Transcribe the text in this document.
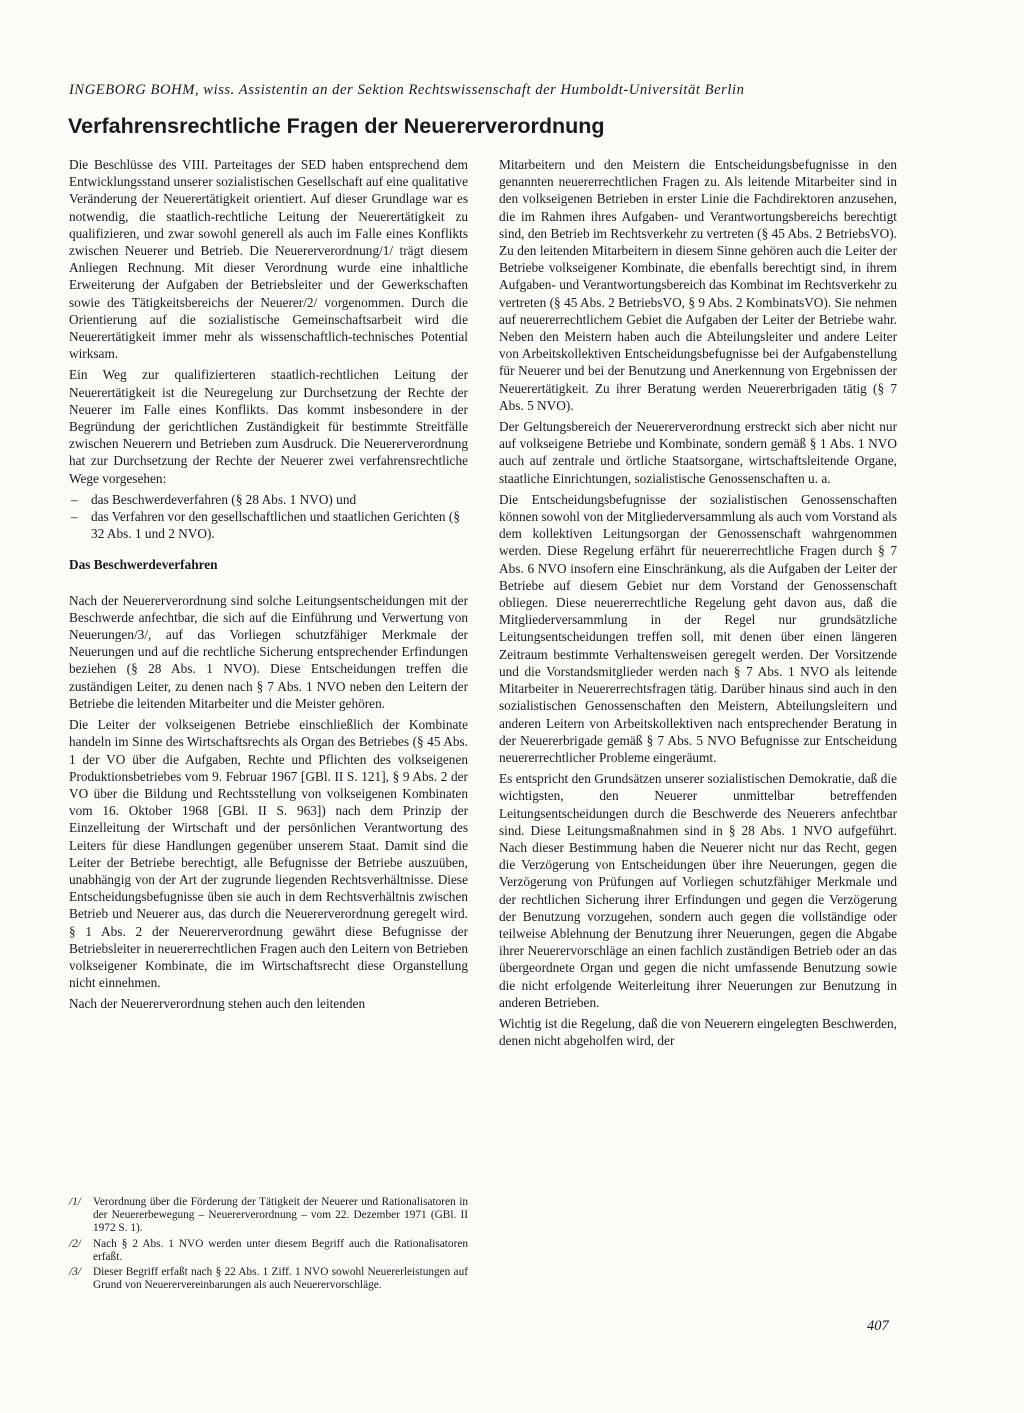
INGEBORG BOHM, wiss. Assistentin an der Sektion Rechtswissenschaft der Humboldt-Universität Berlin
Verfahrensrechtliche Fragen der Neuererverordnung

Die Beschlüsse des VIII. Parteitages der SED haben entsprechend dem Entwicklungsstand unserer sozialistischen Gesellschaft auf eine qualitative Veränderung der Neuerertätigkeit orientiert. Auf dieser Grundlage war es notwendig, die staatlich-rechtliche Leitung der Neuerertätigkeit zu qualifizieren, und zwar sowohl generell als auch im Falle eines Konflikts zwischen Neuerer und Betrieb. Die Neuererverordnung/1/ trägt diesem Anliegen Rechnung. Mit dieser Verordnung wurde eine inhaltliche Erweiterung der Aufgaben der Betriebsleiter und der Gewerkschaften sowie des Tätigkeitsbereichs der Neuerer/2/ vorgenommen. Durch die Orientierung auf die sozialistische Gemeinschaftsarbeit wird die Neuerertätigkeit immer mehr als wissenschaftlich-technisches Potential wirksam.

Ein Weg zur qualifizierteren staatlich-rechtlichen Leitung der Neuerertätigkeit ist die Neuregelung zur Durchsetzung der Rechte der Neuerer im Falle eines Konflikts. Das kommt insbesondere in der Begründung der gerichtlichen Zuständigkeit für bestimmte Streitfälle zwischen Neuerern und Betrieben zum Ausdruck. Die Neuererverordnung hat zur Durchsetzung der Rechte der Neuerer zwei verfahrensrechtliche Wege vorgesehen:

– das Beschwerdeverfahren (§ 28 Abs. 1 NVO) und
– das Verfahren vor den gesellschaftlichen und staatlichen Gerichten (§ 32 Abs. 1 und 2 NVO).
Das Beschwerdeverfahren

Nach der Neuererverordnung sind solche Leitungsentscheidungen mit der Beschwerde anfechtbar, die sich auf die Einführung und Verwertung von Neuerungen/3/, auf das Vorliegen schutzfähiger Merkmale der Neuerungen und auf die rechtliche Sicherung entsprechender Erfindungen beziehen (§ 28 Abs. 1 NVO). Diese Entscheidungen treffen die zuständigen Leiter, zu denen nach § 7 Abs. 1 NVO neben den Leitern der Betriebe die leitenden Mitarbeiter und die Meister gehören.

Die Leiter der volkseigenen Betriebe einschließlich der Kombinate handeln im Sinne des Wirtschaftsrechts als Organ des Betriebes (§ 45 Abs. 1 der VO über die Aufgaben, Rechte und Pflichten des volkseigenen Produktionsbetriebes vom 9. Februar 1967 [GBl. II S. 121], § 9 Abs. 2 der VO über die Bildung und Rechtsstellung von volkseigenen Kombinaten vom 16. Oktober 1968 [GBl. II S. 963]) nach dem Prinzip der Einzelleitung der Wirtschaft und der persönlichen Verantwortung des Leiters für diese Handlungen gegenüber unserem Staat. Damit sind die Leiter der Betriebe berechtigt, alle Befugnisse der Betriebe auszuüben, unabhängig von der Art der zugrunde liegenden Rechtsverhältnisse. Diese Entscheidungsbefugnisse üben sie auch in dem Rechtsverhältnis zwischen Betrieb und Neuerer aus, das durch die Neuererverordnung geregelt wird. § 1 Abs. 2 der Neuererverordnung gewährt diese Befugnisse der Betriebsleiter in neuererrechtlichen Fragen auch den Leitern von Betrieben volkseigener Kombinate, die im Wirtschaftsrecht diese Organstellung nicht einnehmen.

Nach der Neuererverordnung stehen auch den leitenden

Mitarbeitern und den Meistern die Entscheidungsbefugnisse in den genannten neuererrechtlichen Fragen zu. Als leitende Mitarbeiter sind in den volkseigenen Betrieben in erster Linie die Fachdirektoren anzusehen, die im Rahmen ihres Aufgaben- und Verantwortungsbereichs berechtigt sind, den Betrieb im Rechtsverkehr zu vertreten (§ 45 Abs. 2 BetriebsVO). Zu den leitenden Mitarbeitern in diesem Sinne gehören auch die Leiter der Betriebe volkseigener Kombinate, die ebenfalls berechtigt sind, in ihrem Aufgaben- und Verantwortungsbereich das Kombinat im Rechtsverkehr zu vertreten (§ 45 Abs. 2 BetriebsVO, § 9 Abs. 2 KombinatsVO). Sie nehmen auf neuererrechtlichem Gebiet die Aufgaben der Leiter der Betriebe wahr. Neben den Meistern haben auch die Abteilungsleiter und andere Leiter von Arbeitskollektiven Entscheidungsbefugnisse bei der Aufgabenstellung für Neuerer und bei der Benutzung und Anerkennung von Ergebnissen der Neuerertätigkeit. Zu ihrer Beratung werden Neuererbrigaden tätig (§ 7 Abs. 5 NVO).

Der Geltungsbereich der Neuererverordnung erstreckt sich aber nicht nur auf volkseigene Betriebe und Kombinate, sondern gemäß § 1 Abs. 1 NVO auch auf zentrale und örtliche Staatsorgane, wirtschaftsleitende Organe, staatliche Einrichtungen, sozialistische Genossenschaften u. a.

Die Entscheidungsbefugnisse der sozialistischen Genossenschaften können sowohl von der Mitgliederversammlung als auch vom Vorstand als dem kollektiven Leitungsorgan der Genossenschaft wahrgenommen werden. Diese Regelung erfährt für neuererrechtliche Fragen durch § 7 Abs. 6 NVO insofern eine Einschränkung, als die Aufgaben der Leiter der Betriebe auf diesem Gebiet nur dem Vorstand der Genossenschaft obliegen. Diese neuererrechtliche Regelung geht davon aus, daß die Mitgliederversammlung in der Regel nur grundsätzliche Leitungsentscheidungen treffen soll, mit denen über einen längeren Zeitraum bestimmte Verhaltensweisen geregelt werden. Der Vorsitzende und die Vorstandsmitglieder werden nach § 7 Abs. 1 NVO als leitende Mitarbeiter in Neuererrechtsfragen tätig. Darüber hinaus sind auch in den sozialistischen Genossenschaften den Meistern, Abteilungsleitern und anderen Leitern von Arbeitskollektiven nach entsprechender Beratung in der Neuererbrigade gemäß § 7 Abs. 5 NVO Befugnisse zur Entscheidung neuererrechtlicher Probleme eingeräumt.

Es entspricht den Grundsätzen unserer sozialistischen Demokratie, daß die wichtigsten, den Neuerer unmittelbar betreffenden Leitungsentscheidungen durch die Beschwerde des Neuerers anfechtbar sind. Diese Leitungsmaßnahmen sind in § 28 Abs. 1 NVO aufgeführt. Nach dieser Bestimmung haben die Neuerer nicht nur das Recht, gegen die Verzögerung von Entscheidungen über ihre Neuerungen, gegen die Verzögerung von Prüfungen auf Vorliegen schutzfähiger Merkmale und der rechtlichen Sicherung ihrer Erfindungen und gegen die Verzögerung der Benutzung vorzugehen, sondern auch gegen die vollständige oder teilweise Ablehnung der Benutzung ihrer Neuerungen, gegen die Abgabe ihrer Neuerervorschläge an einen fachlich zuständigen Betrieb oder an das übergeordnete Organ und gegen die nicht umfassende Benutzung sowie die nicht erfolgende Weiterleitung ihrer Neuerungen zur Benutzung in anderen Betrieben.

Wichtig ist die Regelung, daß die von Neuerern eingelegten Beschwerden, denen nicht abgeholfen wird, der

/1/	Verordnung über die Förderung der Tätigkeit der Neuerer und Rationalisatoren in der Neuererbewegung – Neuererverordnung – vom 22. Dezember 1971 (GBl. II 1972 S. 1).
/2/	Nach § 2 Abs. 1 NVO werden unter diesem Begriff auch die Rationalisatoren erfaßt.
/3/	Dieser Begriff erfaßt nach § 22 Abs. 1 Ziff. 1 NVO sowohl Neuererleistungen auf Grund von Neuerervereinbarungen als auch Neuerervorschläge.
407
